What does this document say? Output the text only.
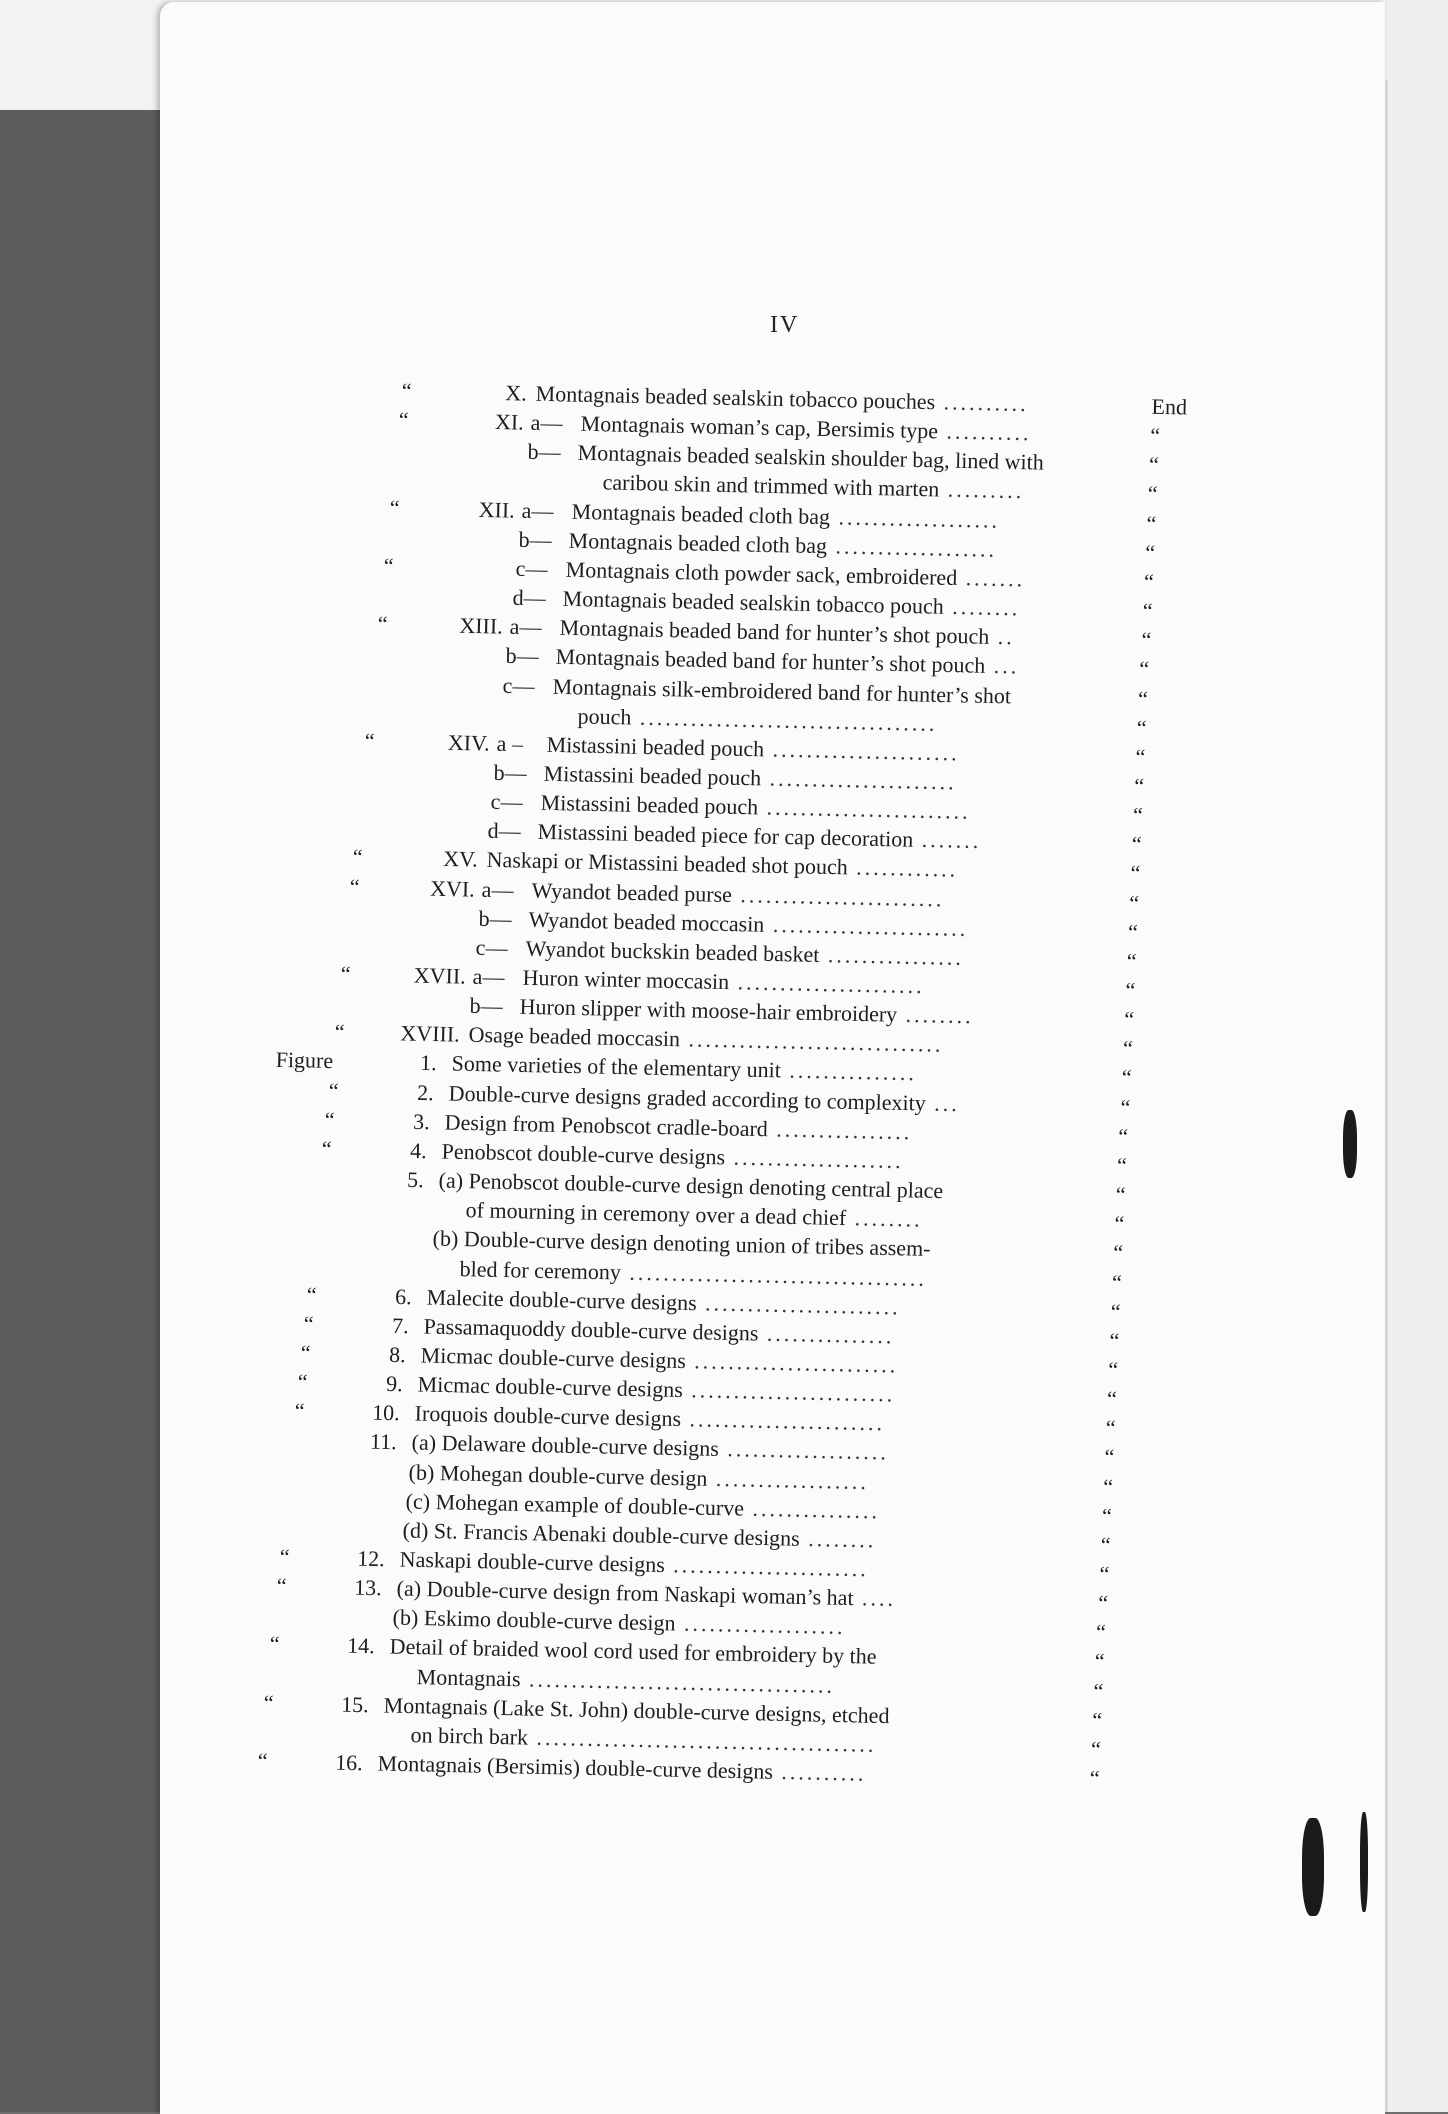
IV
“	X. Montagnais beaded sealskin tobacco pouches ..........	End
“	XI. a— Montagnais woman’s cap, Bersimis type ..........	“
b— Montagnais beaded sealskin shoulder bag, lined with	“
caribou skin and trimmed with marten .........	“
“	XII. a— Montagnais beaded cloth bag ...................	“
b— Montagnais beaded cloth bag ...................	“
“	c— Montagnais cloth powder sack, embroidered .......	“
d— Montagnais beaded sealskin tobacco pouch ........	“
“	XIII. a— Montagnais beaded band for hunter’s shot pouch ..	“
b— Montagnais beaded band for hunter’s shot pouch ...	“
c— Montagnais silk-embroidered band for hunter’s shot	“
pouch ...................................	“
“	XIV. a – Mistassini beaded pouch ......................	“
b— Mistassini beaded pouch ......................	“
c— Mistassini beaded pouch ........................	“
d— Mistassini beaded piece for cap decoration .......	“
“	XV. Naskapi or Mistassini beaded shot pouch ............	“
“	XVI. a— Wyandot beaded purse ........................	“
b— Wyandot beaded moccasin .......................	“
c— Wyandot buckskin beaded basket ................	“
“	XVII. a— Huron winter moccasin ......................	“
b— Huron slipper with moose-hair embroidery ........	“
“	XVIII. Osage beaded moccasin ..............................	“
Figure	1. Some varieties of the elementary unit ...............	“
“	2. Double-curve designs graded according to complexity ...	“
“	3. Design from Penobscot cradle-board ................	“
“	4. Penobscot double-curve designs ....................	“
5. (a) Penobscot double-curve design denoting central place	“
of mourning in ceremony over a dead chief ........	“
(b) Double-curve design denoting union of tribes assem-	“
bled for ceremony ...................................	“
“	6. Malecite double-curve designs .......................	“
“	7. Passamaquoddy double-curve designs ...............	“
“	8. Micmac double-curve designs ........................	“
“	9. Micmac double-curve designs ........................	“
“	10. Iroquois double-curve designs .......................	“
11. (a) Delaware double-curve designs ...................	“
(b) Mohegan double-curve design ..................	“
(c) Mohegan example of double-curve ...............	“
(d) St. Francis Abenaki double-curve designs ........	“
“	12. Naskapi double-curve designs .......................	“
“	13. (a) Double-curve design from Naskapi woman’s hat ....	“
(b) Eskimo double-curve design ...................	“
“	14. Detail of braided wool cord used for embroidery by the	“
Montagnais ....................................	“
“	15. Montagnais (Lake St. John) double-curve designs, etched	“
on birch bark ........................................	“
“	16. Montagnais (Bersimis) double-curve designs ..........	“
